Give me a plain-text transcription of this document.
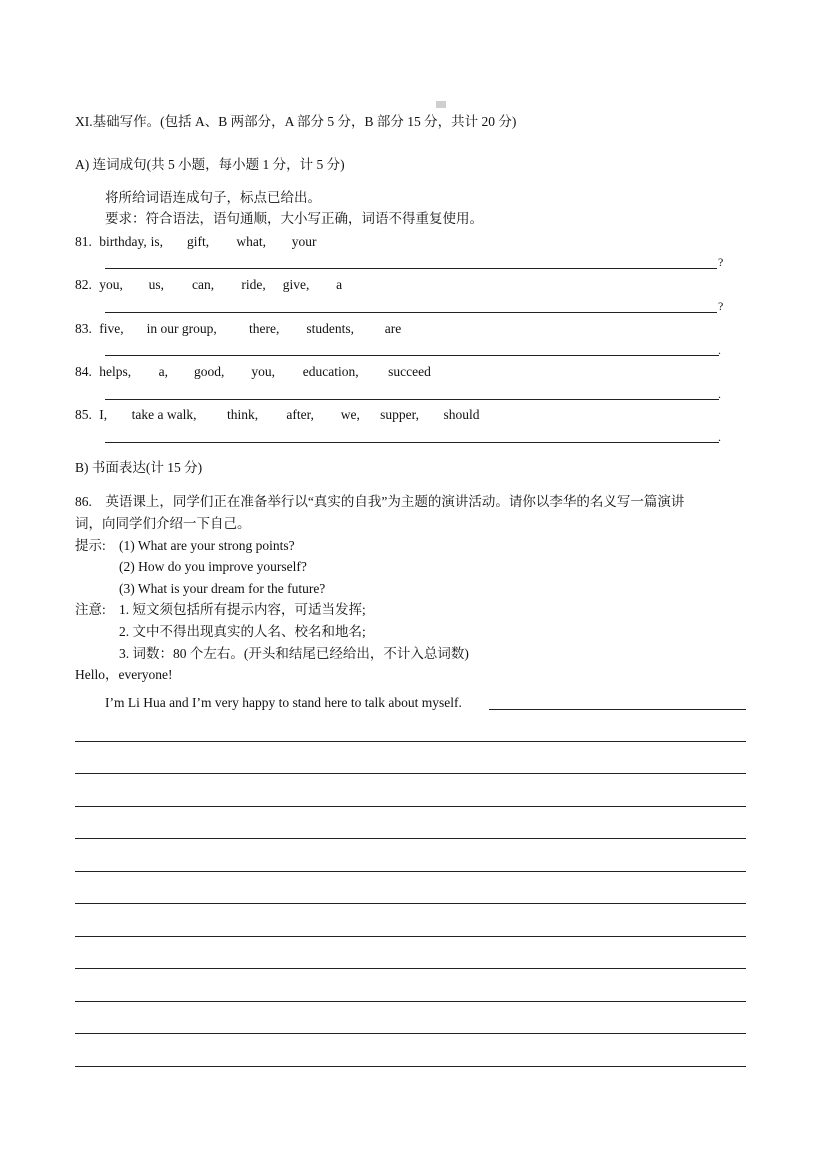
XI.基础写作。(包括 A、B 两部分，A 部分 5 分，B 部分 15 分，共计 20 分)
A) 连词成句(共 5 小题，每小题 1 分，计 5 分)
将所给词语连成句子，标点已给出。
要求：符合语法，语句通顺，大小写正确，词语不得重复使用。
81. birthday, is, gift, what, your
?
82. you, us, can, ride, give, a
?
83. five, in our group, there, students, are
.
84. helps, a, good, you, education, succeed
.
85. I, take a walk, think, after, we, supper, should
.
B) 书面表达(计 15 分)
86.　英语课上，同学们正在准备举行以“真实的自我”为主题的演讲活动。请你以李华的名义写一篇演讲
词，向同学们介绍一下自己。
提示: (1) What are your strong points?
(2) How do you improve yourself?
(3) What is your dream for the future?
注意: 1. 短文须包括所有提示内容，可适当发挥;
2. 文中不得出现真实的人名、校名和地名;
3. 词数：80 个左右。(开头和结尾已经给出，不计入总词数)
Hello，everyone!
I’m Li Hua and I’m very happy to stand here to talk about myself.
